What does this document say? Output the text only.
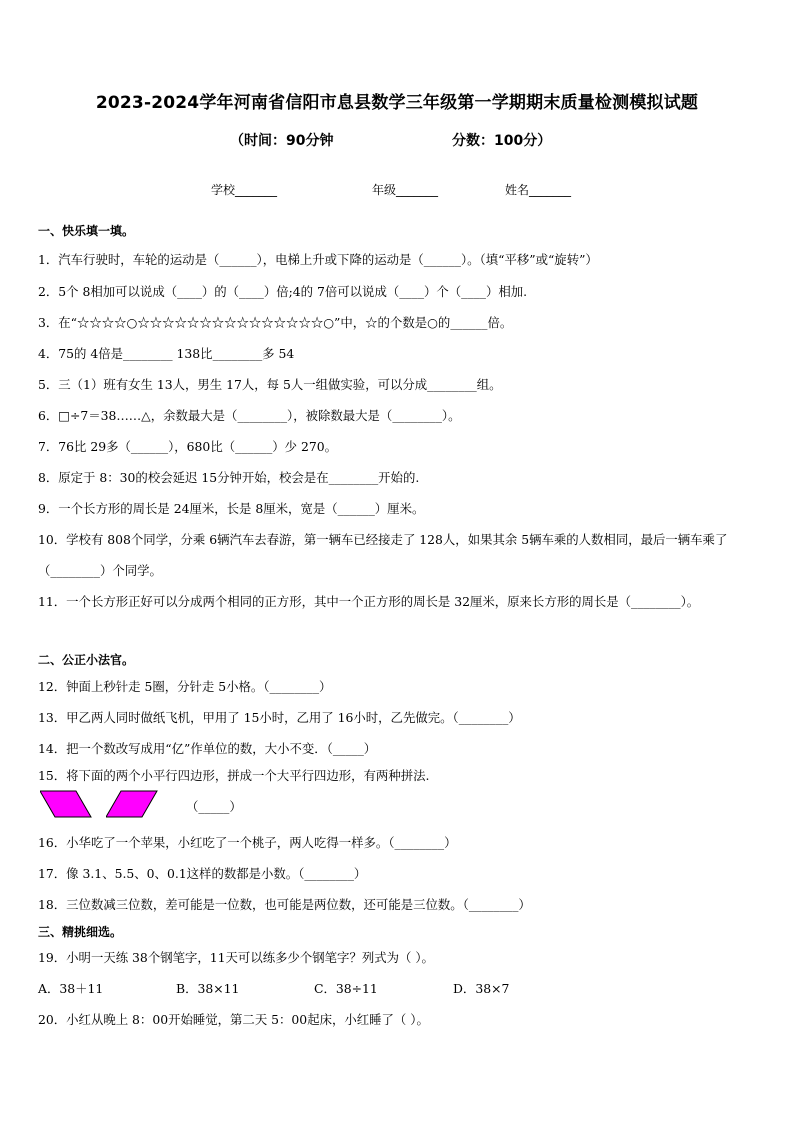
2023-2024学年河南省信阳市息县数学三年级第一学期期末质量检测模拟试题
（时间：90分钟	分数：100分）
学校_______	年级_______	姓名_______
一、快乐填一填。
1．汽车行驶时，车轮的运动是（______），电梯上升或下降的运动是（______）。（填“平移”或“旋转”）
2．5个 8相加可以说成（____）的（____）倍;4的 7倍可以说成（____）个（____）相加.
3．在“☆☆☆☆○☆☆☆☆☆☆☆☆☆☆☆☆☆☆☆○”中，☆的个数是○的______倍。
4．75的 4倍是________ 138比________多 54
5．三（1）班有女生 13人，男生 17人，每 5人一组做实验，可以分成________组。
6．□÷7＝38……△，余数最大是（________），被除数最大是（________）。
7．76比 29多（______），680比（______）少 270。
8．原定于 8：30的校会延迟 15分钟开始，校会是在________开始的.
9．一个长方形的周长是 24厘米，长是 8厘米，宽是（______）厘米。
10．学校有 808个同学，分乘 6辆汽车去春游，第一辆车已经接走了 128人，如果其余 5辆车乘的人数相同，最后一辆车乘了（________）个同学。
11．一个长方形正好可以分成两个相同的正方形，其中一个正方形的周长是 32厘米，原来长方形的周长是（________）。
二、公正小法官。
12．钟面上秒针走 5圈，分针走 5小格。（________）
13．甲乙两人同时做纸飞机，甲用了 15小时，乙用了 16小时，乙先做完。（________）
14．把一个数改写成用“亿”作单位的数，大小不变．（_____）
15．将下面的两个小平行四边形，拼成一个大平行四边形，有两种拼法.
（_____）
16．小华吃了一个苹果，小红吃了一个桃子，两人吃得一样多。（________）
17．像 3.1、5.5、0、0.1这样的数都是小数。（________）
18．三位数减三位数，差可能是一位数，也可能是两位数，还可能是三位数。（________）
三、精挑细选。
19．小明一天练 38个钢笔字，11天可以练多少个钢笔字？列式为（ ）。
A．38＋11	B．38×11	C．38÷11	D．38×7
20．小红从晚上 8：00开始睡觉，第二天 5：00起床，小红睡了（ ）。
